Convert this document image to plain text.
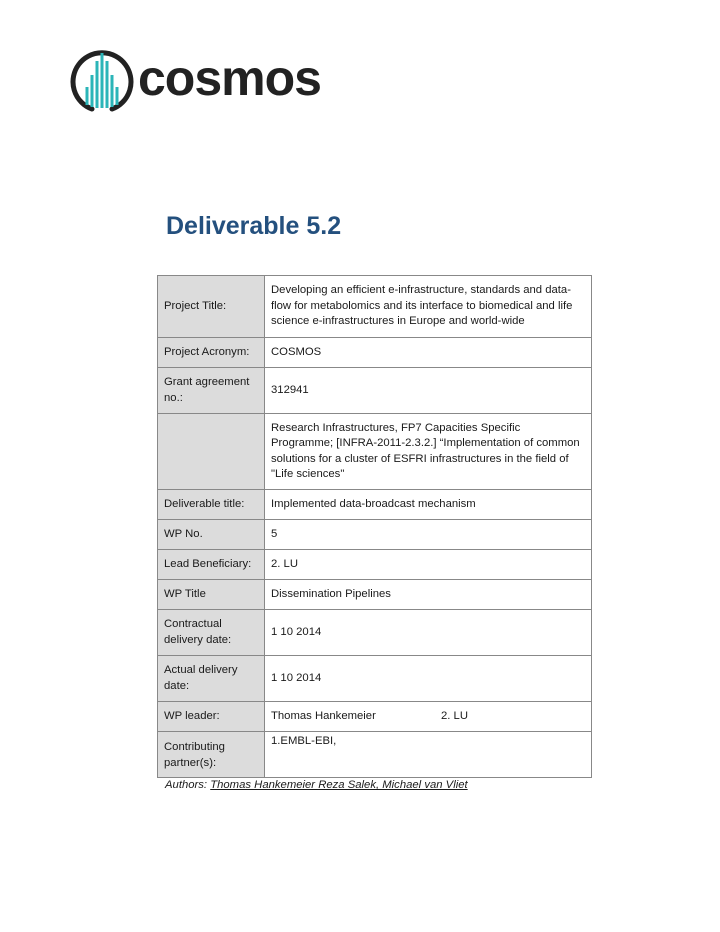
cosmos
Deliverable 5.2
Project Title:	Developing an efficient e-infrastructure, standards and data-flow for metabolomics and its interface to biomedical and life science e-infrastructures in Europe and world-wide
Project Acronym:	COSMOS
Grant agreement no.:	312941
	Research Infrastructures, FP7 Capacities Specific Programme; [INFRA-2011-2.3.2.] “Implementation of common solutions for a cluster of ESFRI infrastructures in the field of "Life sciences"
Deliverable title:	Implemented data-broadcast mechanism
WP No.	5
Lead Beneficiary:	2. LU
WP Title	Dissemination Pipelines
Contractual delivery date:	1 10 2014
Actual delivery date:	1 10 2014
WP leader:	Thomas Hankemeier 2. LU
Contributing partner(s):	1.EMBL-EBI,
Authors: Thomas Hankemeier Reza Salek, Michael van Vliet
